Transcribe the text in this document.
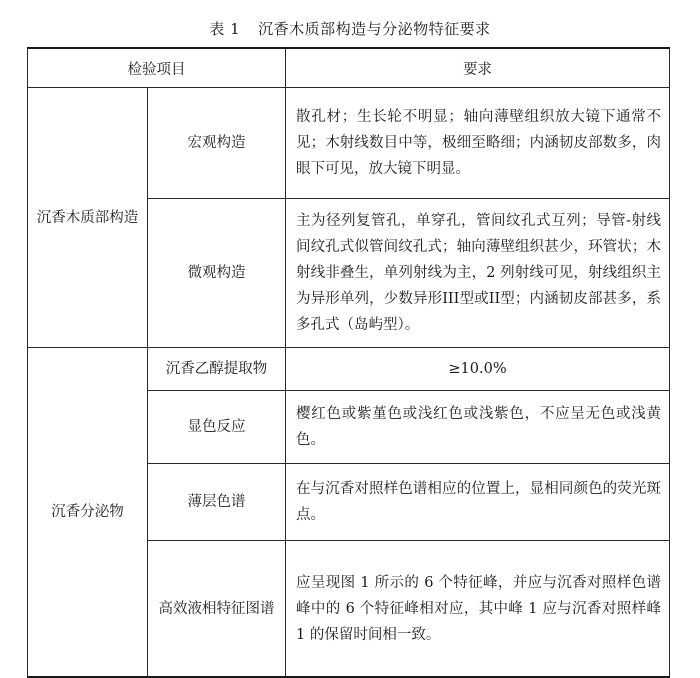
表 1 沉香木质部构造与分泌物特征要求
检验项目		要求
沉香木质部构造	宏观构造	散孔材；生长轮不明显；轴向薄壁组织放大镜下通常不见；木射线数目中等，极细至略细；内涵韧皮部数多，肉眼下可见，放大镜下明显。
	微观构造	主为径列复管孔，单穿孔，管间纹孔式互列；导管-射线间纹孔式似管间纹孔式；轴向薄壁组织甚少，环管状；木射线非叠生，单列射线为主，2 列射线可见，射线组织主为异形单列，少数异形III型或II型；内涵韧皮部甚多，系多孔式（岛屿型）。
沉香分泌物	沉香乙醇提取物	≥10.0%
	显色反应	樱红色或紫堇色或浅红色或浅紫色，不应呈无色或浅黄色。
	薄层色谱	在与沉香对照样色谱相应的位置上，显相同颜色的荧光斑点。
	高效液相特征图谱	应呈现图 1 所示的 6 个特征峰，并应与沉香对照样色谱峰中的 6 个特征峰相对应，其中峰 1 应与沉香对照样峰 1 的保留时间相一致。
